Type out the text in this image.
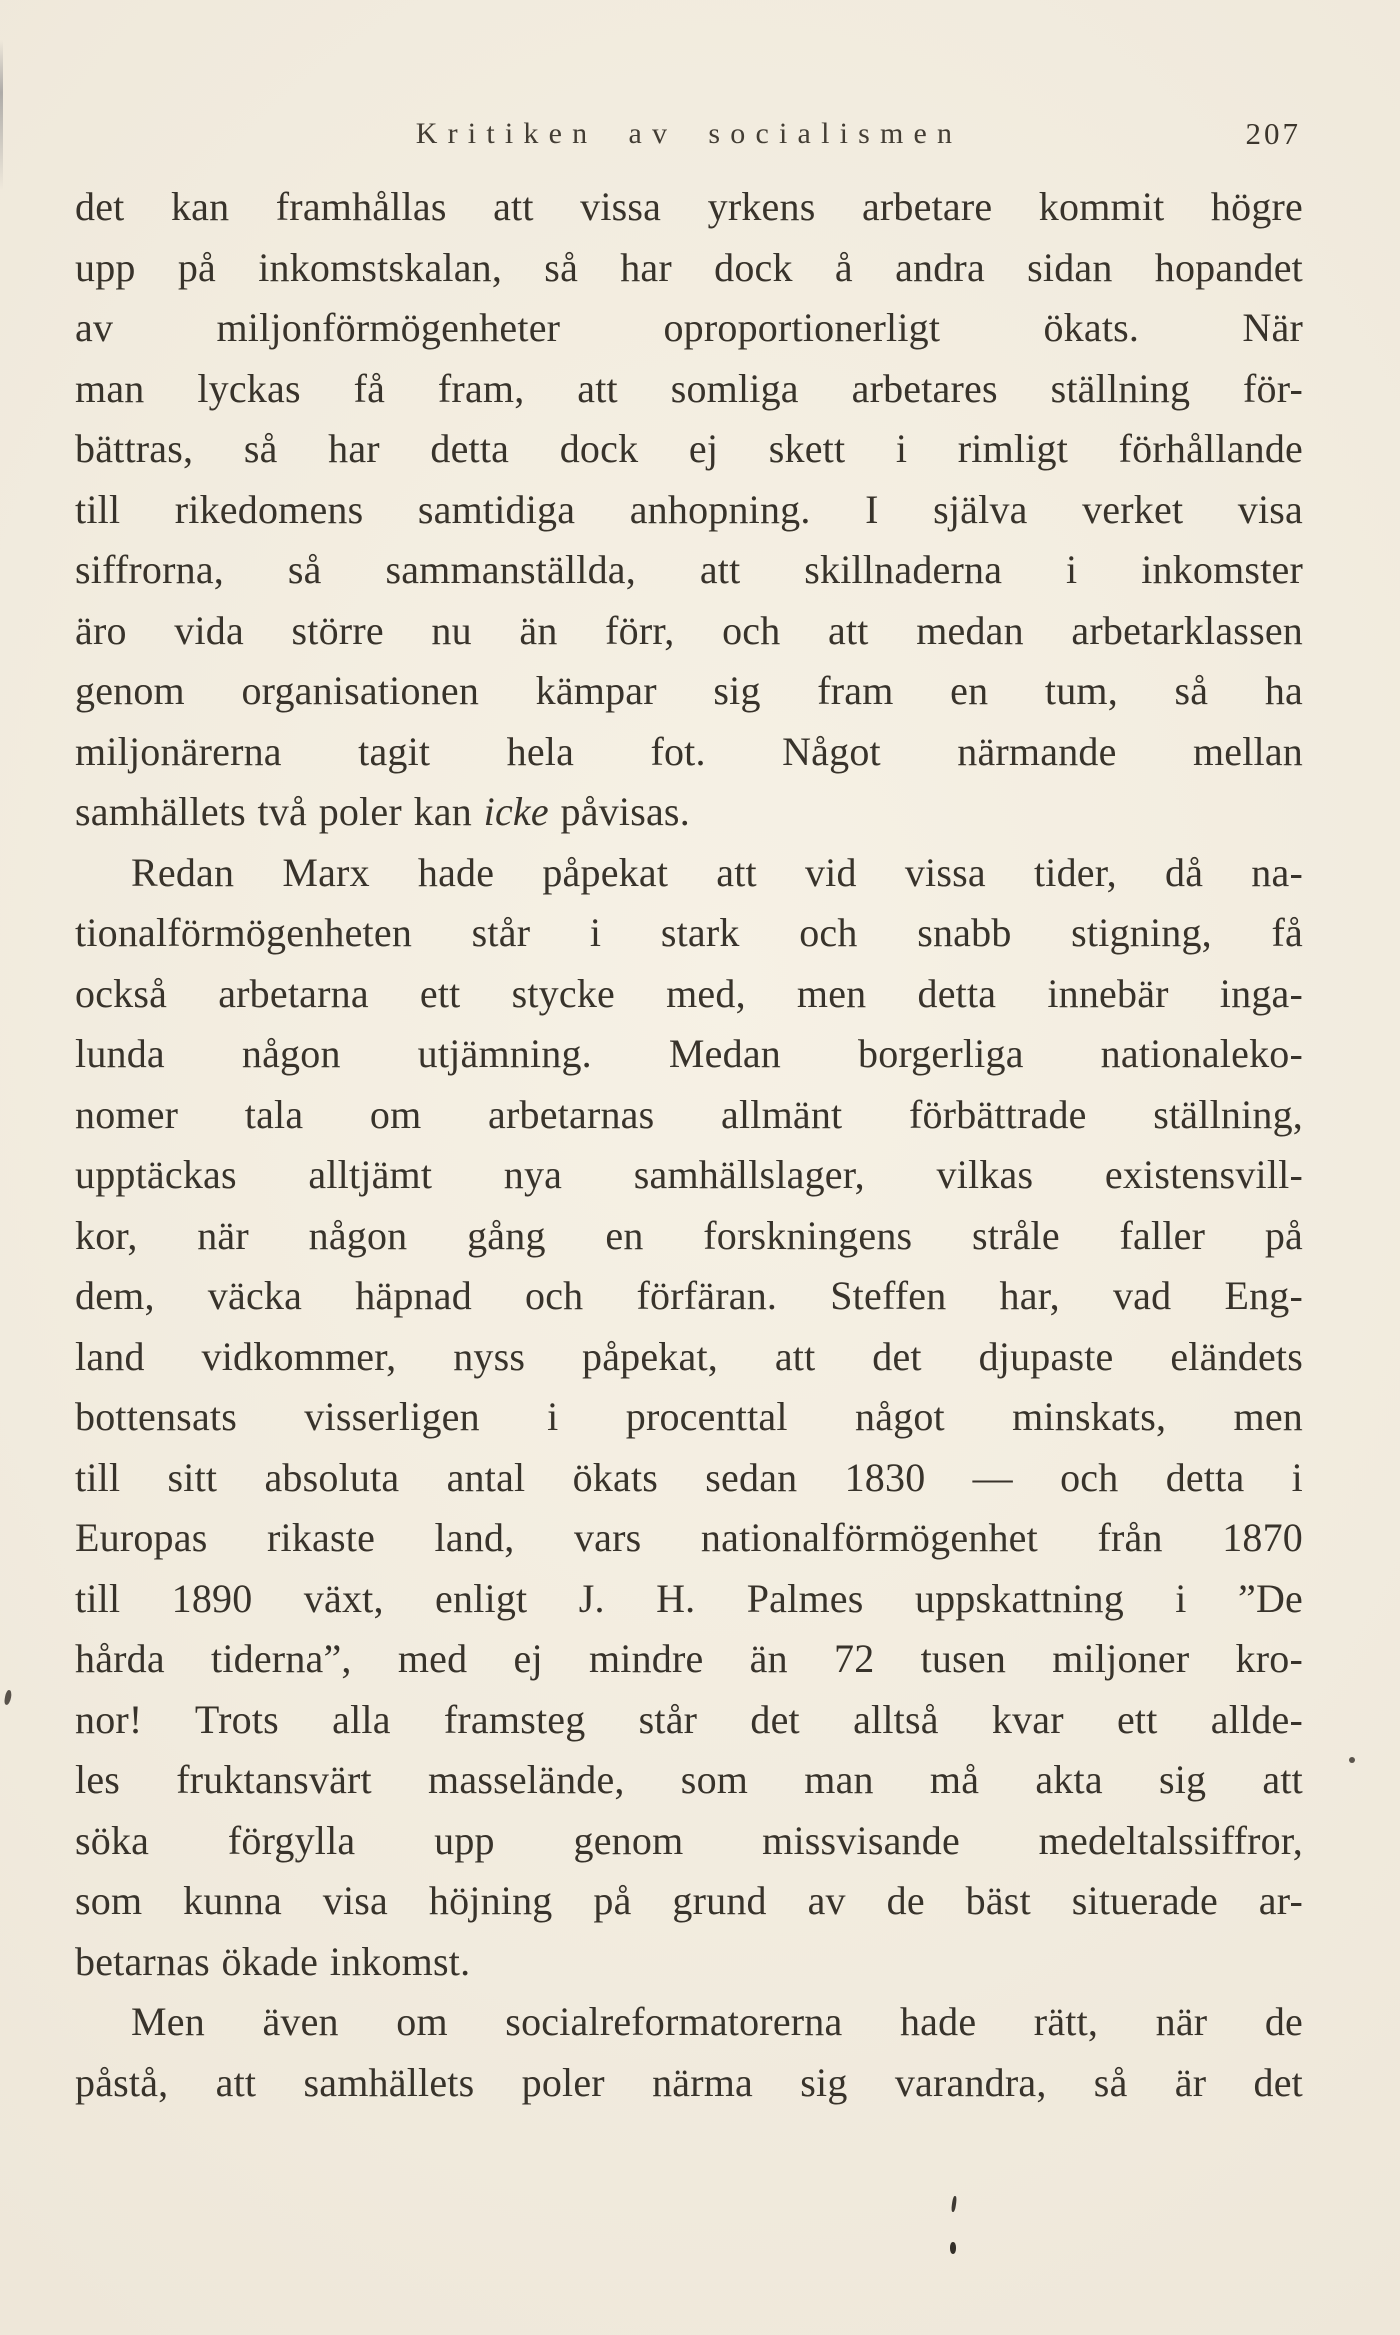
Kritiken av socialismen	207
det kan framhållas att vissa yrkens arbetare kommit högre
upp på inkomstskalan, så har dock å andra sidan hopandet
av miljonförmögenheter oproportionerligt ökats. När
man lyckas få fram, att somliga arbetares ställning för-
bättras, så har detta dock ej skett i rimligt förhållande
till rikedomens samtidiga anhopning. I själva verket visa
siffrorna, så sammanställda, att skillnaderna i inkomster
äro vida större nu än förr, och att medan arbetarklassen
genom organisationen kämpar sig fram en tum, så ha
miljonärerna tagit hela fot. Något närmande mellan
samhällets två poler kan icke påvisas.
Redan Marx hade påpekat att vid vissa tider, då na-
tionalförmögenheten står i stark och snabb stigning, få
också arbetarna ett stycke med, men detta innebär inga-
lunda någon utjämning. Medan borgerliga nationaleko-
nomer tala om arbetarnas allmänt förbättrade ställning,
upptäckas alltjämt nya samhällslager, vilkas existensvill-
kor, när någon gång en forskningens stråle faller på
dem, väcka häpnad och förfäran. Steffen har, vad Eng-
land vidkommer, nyss påpekat, att det djupaste eländets
bottensats visserligen i procenttal något minskats, men
till sitt absoluta antal ökats sedan 1830 — och detta i
Europas rikaste land, vars nationalförmögenhet från 1870
till 1890 växt, enligt J. H. Palmes uppskattning i ”De
hårda tiderna”, med ej mindre än 72 tusen miljoner kro-
nor! Trots alla framsteg står det alltså kvar ett allde-
les fruktansvärt masselände, som man må akta sig att
söka förgylla upp genom missvisande medeltalssiffror,
som kunna visa höjning på grund av de bäst situerade ar-
betarnas ökade inkomst.
Men även om socialreformatorerna hade rätt, när de
påstå, att samhällets poler närma sig varandra, så är det
